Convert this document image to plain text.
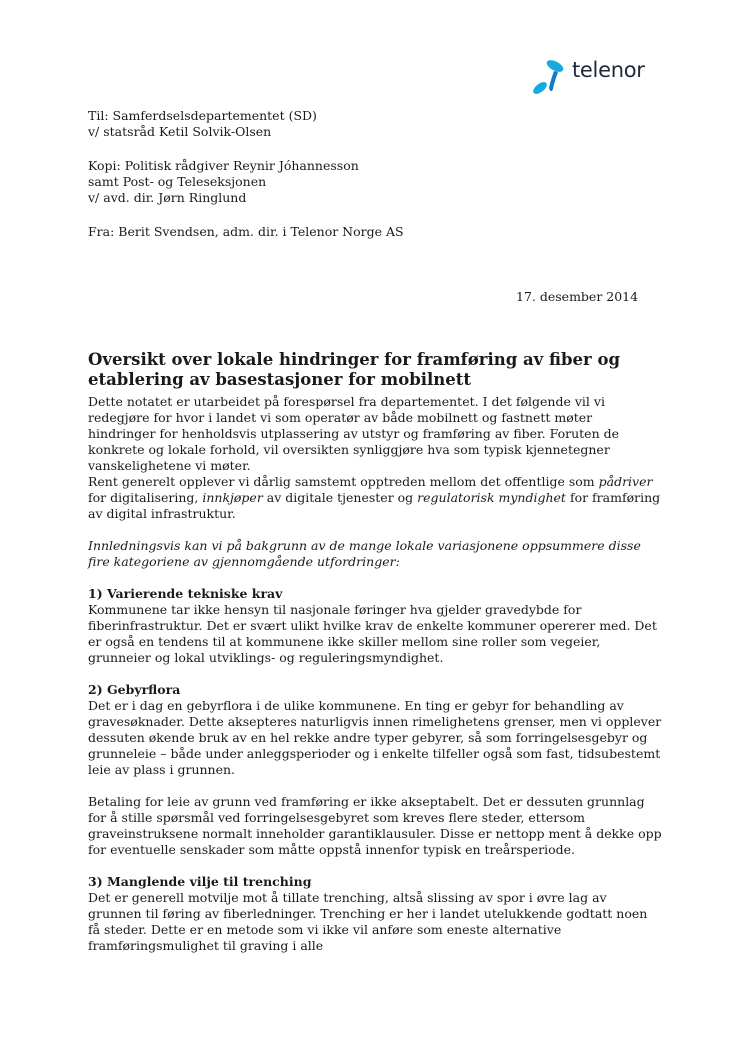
telenor

Til: Samferdselsdepartementet (SD)

v/ statsråd Ketil Solvik-Olsen

Kopi: Politisk rådgiver Reynir Jóhannesson

samt Post- og Teleseksjonen

v/ avd. dir. Jørn Ringlund

Fra: Berit Svendsen, adm. dir. i Telenor Norge AS

17. desember 2014
Oversikt over lokale hindringer for framføring av fiber og etablering av basestasjoner for mobilnett

Dette notatet er utarbeidet på forespørsel fra departementet. I det følgende vil vi redegjøre for hvor i landet vi som operatør av både mobilnett og fastnett møter hindringer for henholdsvis utplassering av utstyr og framføring av fiber. Foruten de konkrete og lokale forhold, vil oversikten synliggjøre hva som typisk kjennetegner vanskelighetene vi møter.

Rent generelt opplever vi dårlig samstemt opptreden mellom det offentlige som pådriver for digitalisering, innkjøper av digitale tjenester og regulatorisk myndighet for framføring av digital infrastruktur.

Innledningsvis kan vi på bakgrunn av de mange lokale variasjonene oppsummere disse fire kategoriene av gjennomgående utfordringer:

1) Varierende tekniske krav

Kommunene tar ikke hensyn til nasjonale føringer hva gjelder gravedybde for fiberinfrastruktur. Det er svært ulikt hvilke krav de enkelte kommuner opererer med. Det er også en tendens til at kommunene ikke skiller mellom sine roller som vegeier, grunneier og lokal utviklings- og reguleringsmyndighet.

2) Gebyrflora

Det er i dag en gebyrflora i de ulike kommunene. En ting er gebyr for behandling av gravesøknader. Dette aksepteres naturligvis innen rimelighetens grenser, men vi opplever dessuten økende bruk av en hel rekke andre typer gebyrer, så som forringelsesgebyr og grunneleie – både under anleggsperioder og i enkelte tilfeller også som fast, tidsubestemt leie av plass i grunnen.

Betaling for leie av grunn ved framføring er ikke akseptabelt. Det er dessuten grunnlag for å stille spørsmål ved forringelsesgebyret som kreves flere steder, ettersom graveinstruksene normalt inneholder garantiklausuler. Disse er nettopp ment å dekke opp for eventuelle senskader som måtte oppstå innenfor typisk en treårsperiode.

3) Manglende vilje til trenching

Det er generell motvilje mot å tillate trenching, altså slissing av spor i øvre lag av grunnen til føring av fiberledninger. Trenching er her i landet utelukkende godtatt noen få steder. Dette er en metode som vi ikke vil anføre som eneste alternative framføringsmulighet til graving i alle
